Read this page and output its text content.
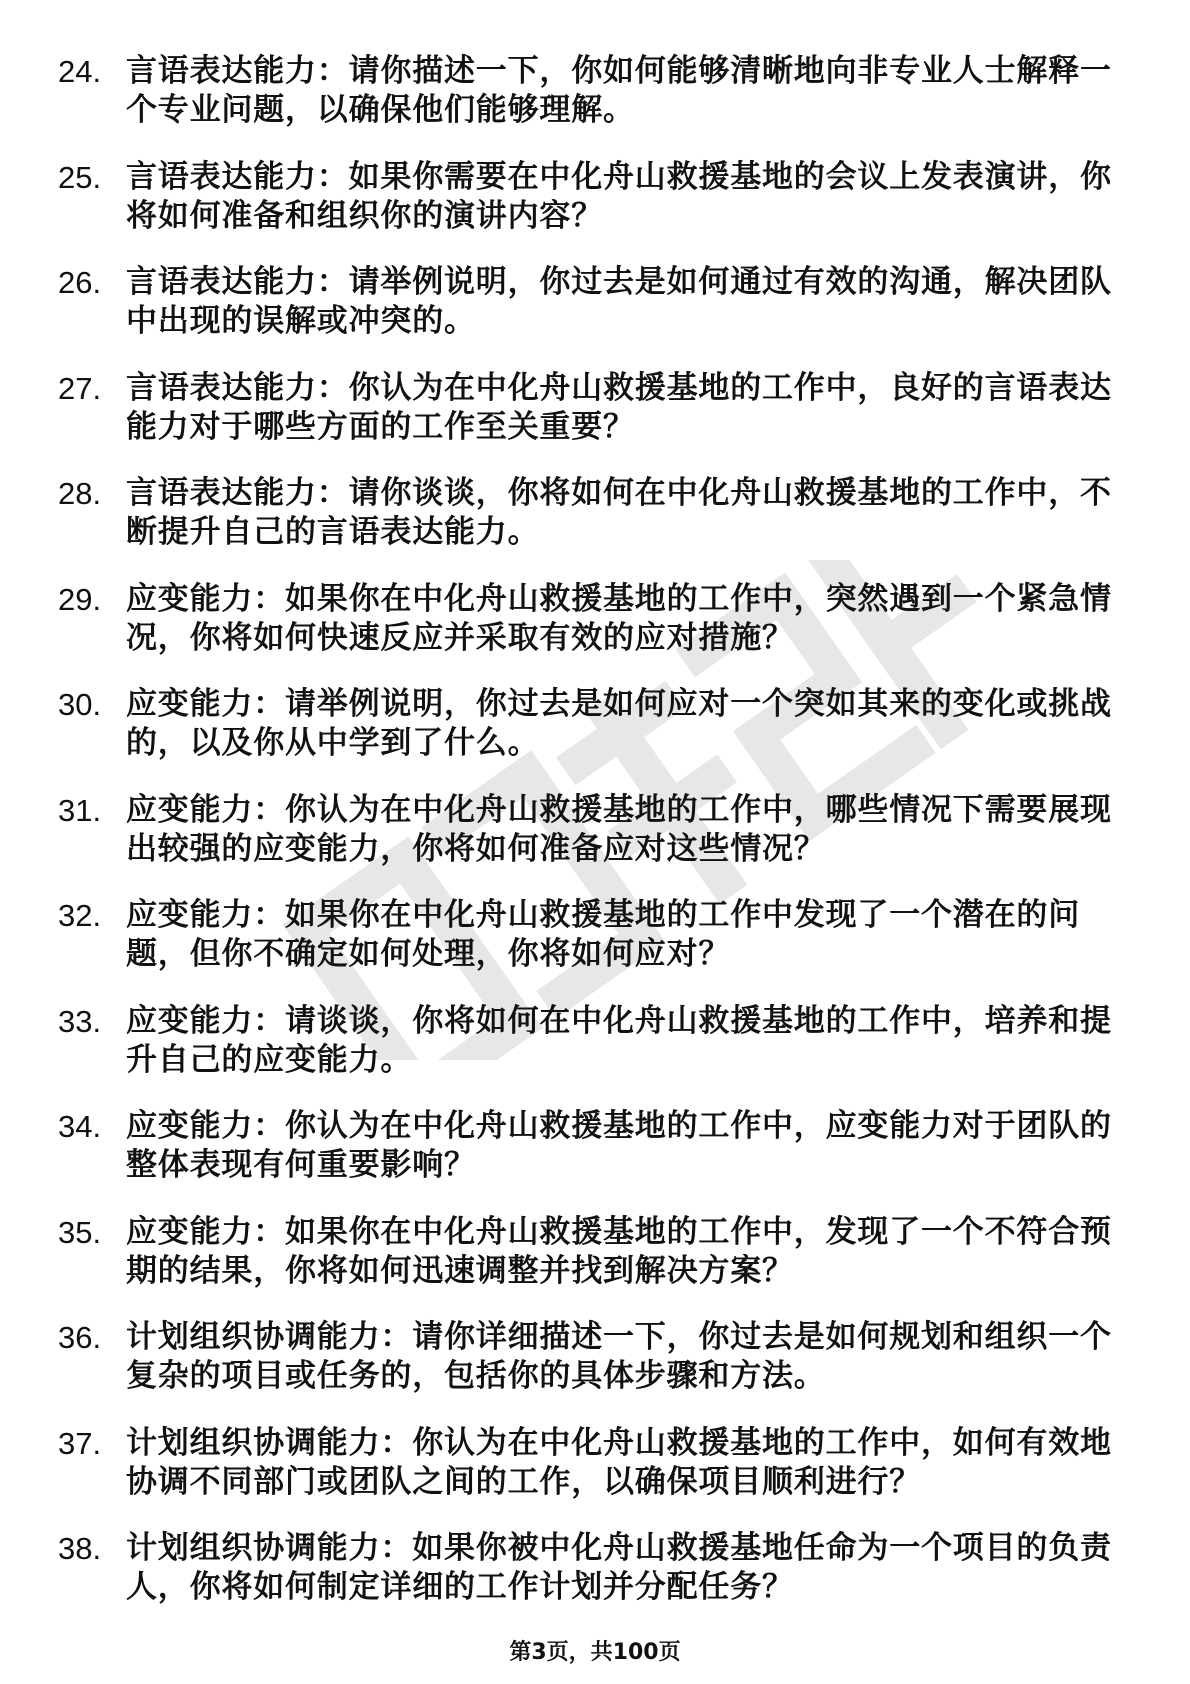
24. 言语表达能力：请你描述一下，你如何能够清晰地向非专业人士解释一个专业问题，以确保他们能够理解。
25. 言语表达能力：如果你需要在中化舟山救援基地的会议上发表演讲，你将如何准备和组织你的演讲内容？
26. 言语表达能力：请举例说明，你过去是如何通过有效的沟通，解决团队中出现的误解或冲突的。
27. 言语表达能力：你认为在中化舟山救援基地的工作中，良好的言语表达能力对于哪些方面的工作至关重要？
28. 言语表达能力：请你谈谈，你将如何在中化舟山救援基地的工作中，不断提升自己的言语表达能力。
29. 应变能力：如果你在中化舟山救援基地的工作中，突然遇到一个紧急情况，你将如何快速反应并采取有效的应对措施？
30. 应变能力：请举例说明，你过去是如何应对一个突如其来的变化或挑战的，以及你从中学到了什么。
31. 应变能力：你认为在中化舟山救援基地的工作中，哪些情况下需要展现出较强的应变能力，你将如何准备应对这些情况？
32. 应变能力：如果你在中化舟山救援基地的工作中发现了一个潜在的问题，但你不确定如何处理，你将如何应对？
33. 应变能力：请谈谈，你将如何在中化舟山救援基地的工作中，培养和提升自己的应变能力。
34. 应变能力：你认为在中化舟山救援基地的工作中，应变能力对于团队的整体表现有何重要影响？
35. 应变能力：如果你在中化舟山救援基地的工作中，发现了一个不符合预期的结果，你将如何迅速调整并找到解决方案？
36. 计划组织协调能力：请你详细描述一下，你过去是如何规划和组织一个复杂的项目或任务的，包括你的具体步骤和方法。
37. 计划组织协调能力：你认为在中化舟山救援基地的工作中，如何有效地协调不同部门或团队之间的工作，以确保项目顺利进行？
38. 计划组织协调能力：如果你被中化舟山救援基地任命为一个项目的负责人，你将如何制定详细的工作计划并分配任务？
第3页，共100页
